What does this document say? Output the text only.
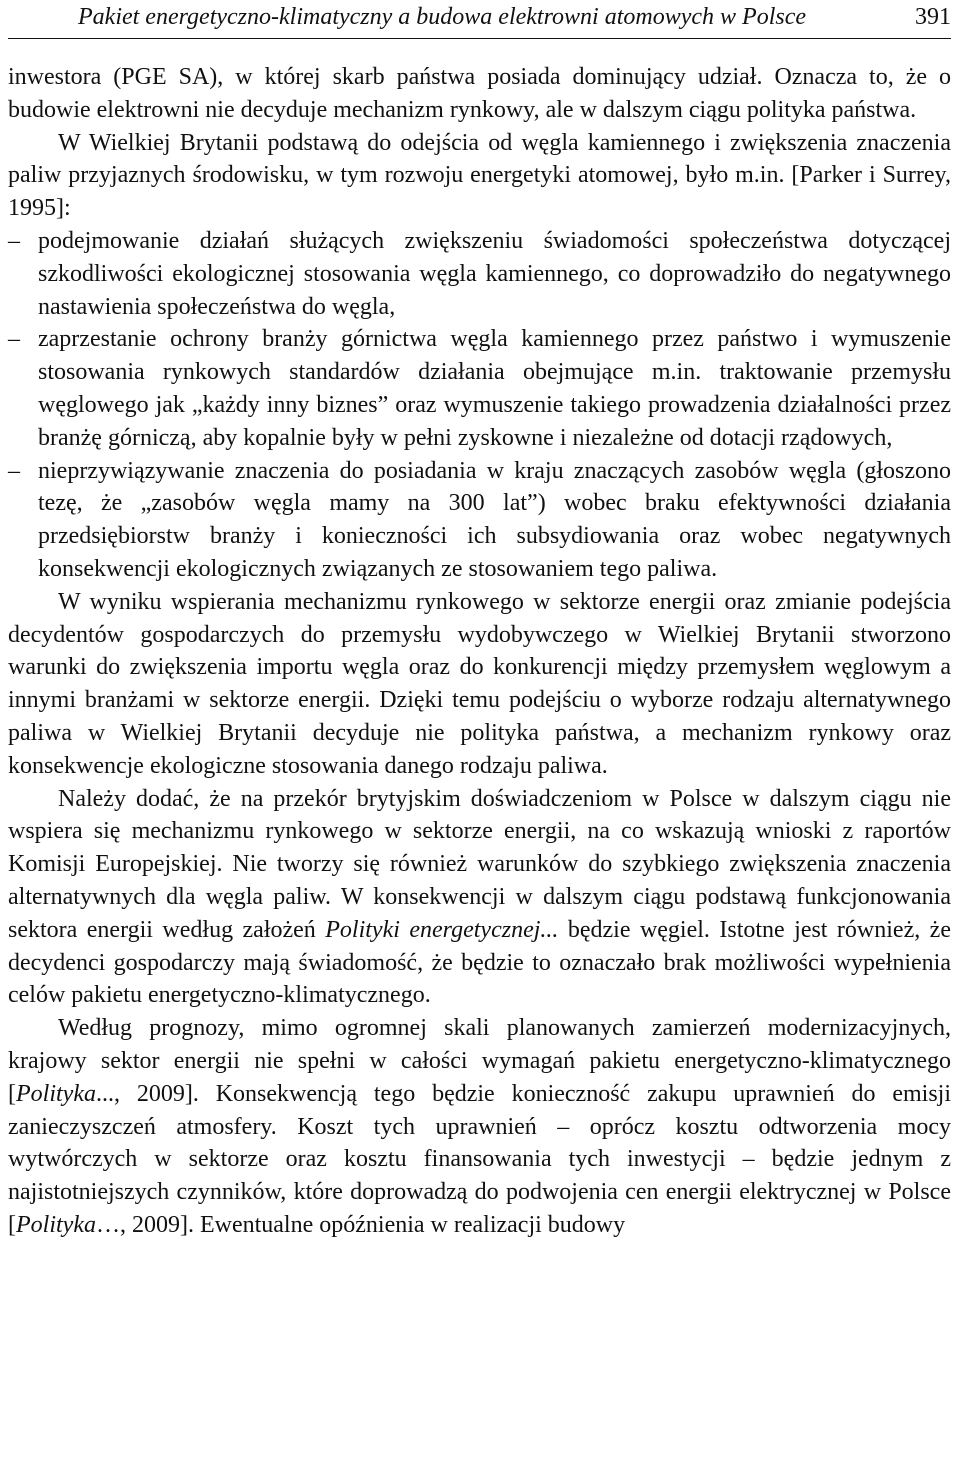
Pakiet energetyczno-klimatyczny a budowa elektrowni atomowych w Polsce	391

inwestora (PGE SA), w której skarb państwa posiada dominujący udział. Oznacza to, że o budowie elektrowni nie decyduje mechanizm rynkowy, ale w dalszym ciągu polityka państwa.

W Wielkiej Brytanii podstawą do odejścia od węgla kamiennego i zwiększenia znaczenia paliw przyjaznych środowisku, w tym rozwoju energetyki atomowej, było m.in. [Parker i Surrey, 1995]:

– podejmowanie działań służących zwiększeniu świadomości społeczeństwa dotyczącej szkodliwości ekologicznej stosowania węgla kamiennego, co doprowadziło do negatywnego nastawienia społeczeństwa do węgla,
– zaprzestanie ochrony branży górnictwa węgla kamiennego przez państwo i wymuszenie stosowania rynkowych standardów działania obejmujące m.in. traktowanie przemysłu węglowego jak „każdy inny biznes” oraz wymuszenie takiego prowadzenia działalności przez branżę górniczą, aby kopalnie były w pełni zyskowne i niezależne od dotacji rządowych,
– nieprzywiązywanie znaczenia do posiadania w kraju znaczących zasobów węgla (głoszono tezę, że „zasobów węgla mamy na 300 lat”) wobec braku efektywności działania przedsiębiorstw branży i konieczności ich subsydiowania oraz wobec negatywnych konsekwencji ekologicznych związanych ze stosowaniem tego paliwa.

W wyniku wspierania mechanizmu rynkowego w sektorze energii oraz zmianie podejścia decydentów gospodarczych do przemysłu wydobywczego w Wielkiej Brytanii stworzono warunki do zwiększenia importu węgla oraz do konkurencji między przemysłem węglowym a innymi branżami w sektorze energii. Dzięki temu podejściu o wyborze rodzaju alternatywnego paliwa w Wielkiej Brytanii decyduje nie polityka państwa, a mechanizm rynkowy oraz konsekwencje ekologiczne stosowania danego rodzaju paliwa.

Należy dodać, że na przekór brytyjskim doświadczeniom w Polsce w dalszym ciągu nie wspiera się mechanizmu rynkowego w sektorze energii, na co wskazują wnioski z raportów Komisji Europejskiej. Nie tworzy się również warunków do szybkiego zwiększenia znaczenia alternatywnych dla węgla paliw. W konsekwencji w dalszym ciągu podstawą funkcjonowania sektora energii według założeń Polityki energetycznej... będzie węgiel. Istotne jest również, że decydenci gospodarczy mają świadomość, że będzie to oznaczało brak możliwości wypełnienia celów pakietu energetyczno-klimatycznego.

Według prognozy, mimo ogromnej skali planowanych zamierzeń modernizacyjnych, krajowy sektor energii nie spełni w całości wymagań pakietu energetyczno-klimatycznego [Polityka..., 2009]. Konsekwencją tego będzie konieczność zakupu uprawnień do emisji zanieczyszczeń atmosfery. Koszt tych uprawnień – oprócz kosztu odtworzenia mocy wytwórczych w sektorze oraz kosztu finansowania tych inwestycji – będzie jednym z najistotniejszych czynników, które doprowadzą do podwojenia cen energii elektrycznej w Polsce [Polityka…, 2009]. Ewentualne opóźnienia w realizacji budowy
